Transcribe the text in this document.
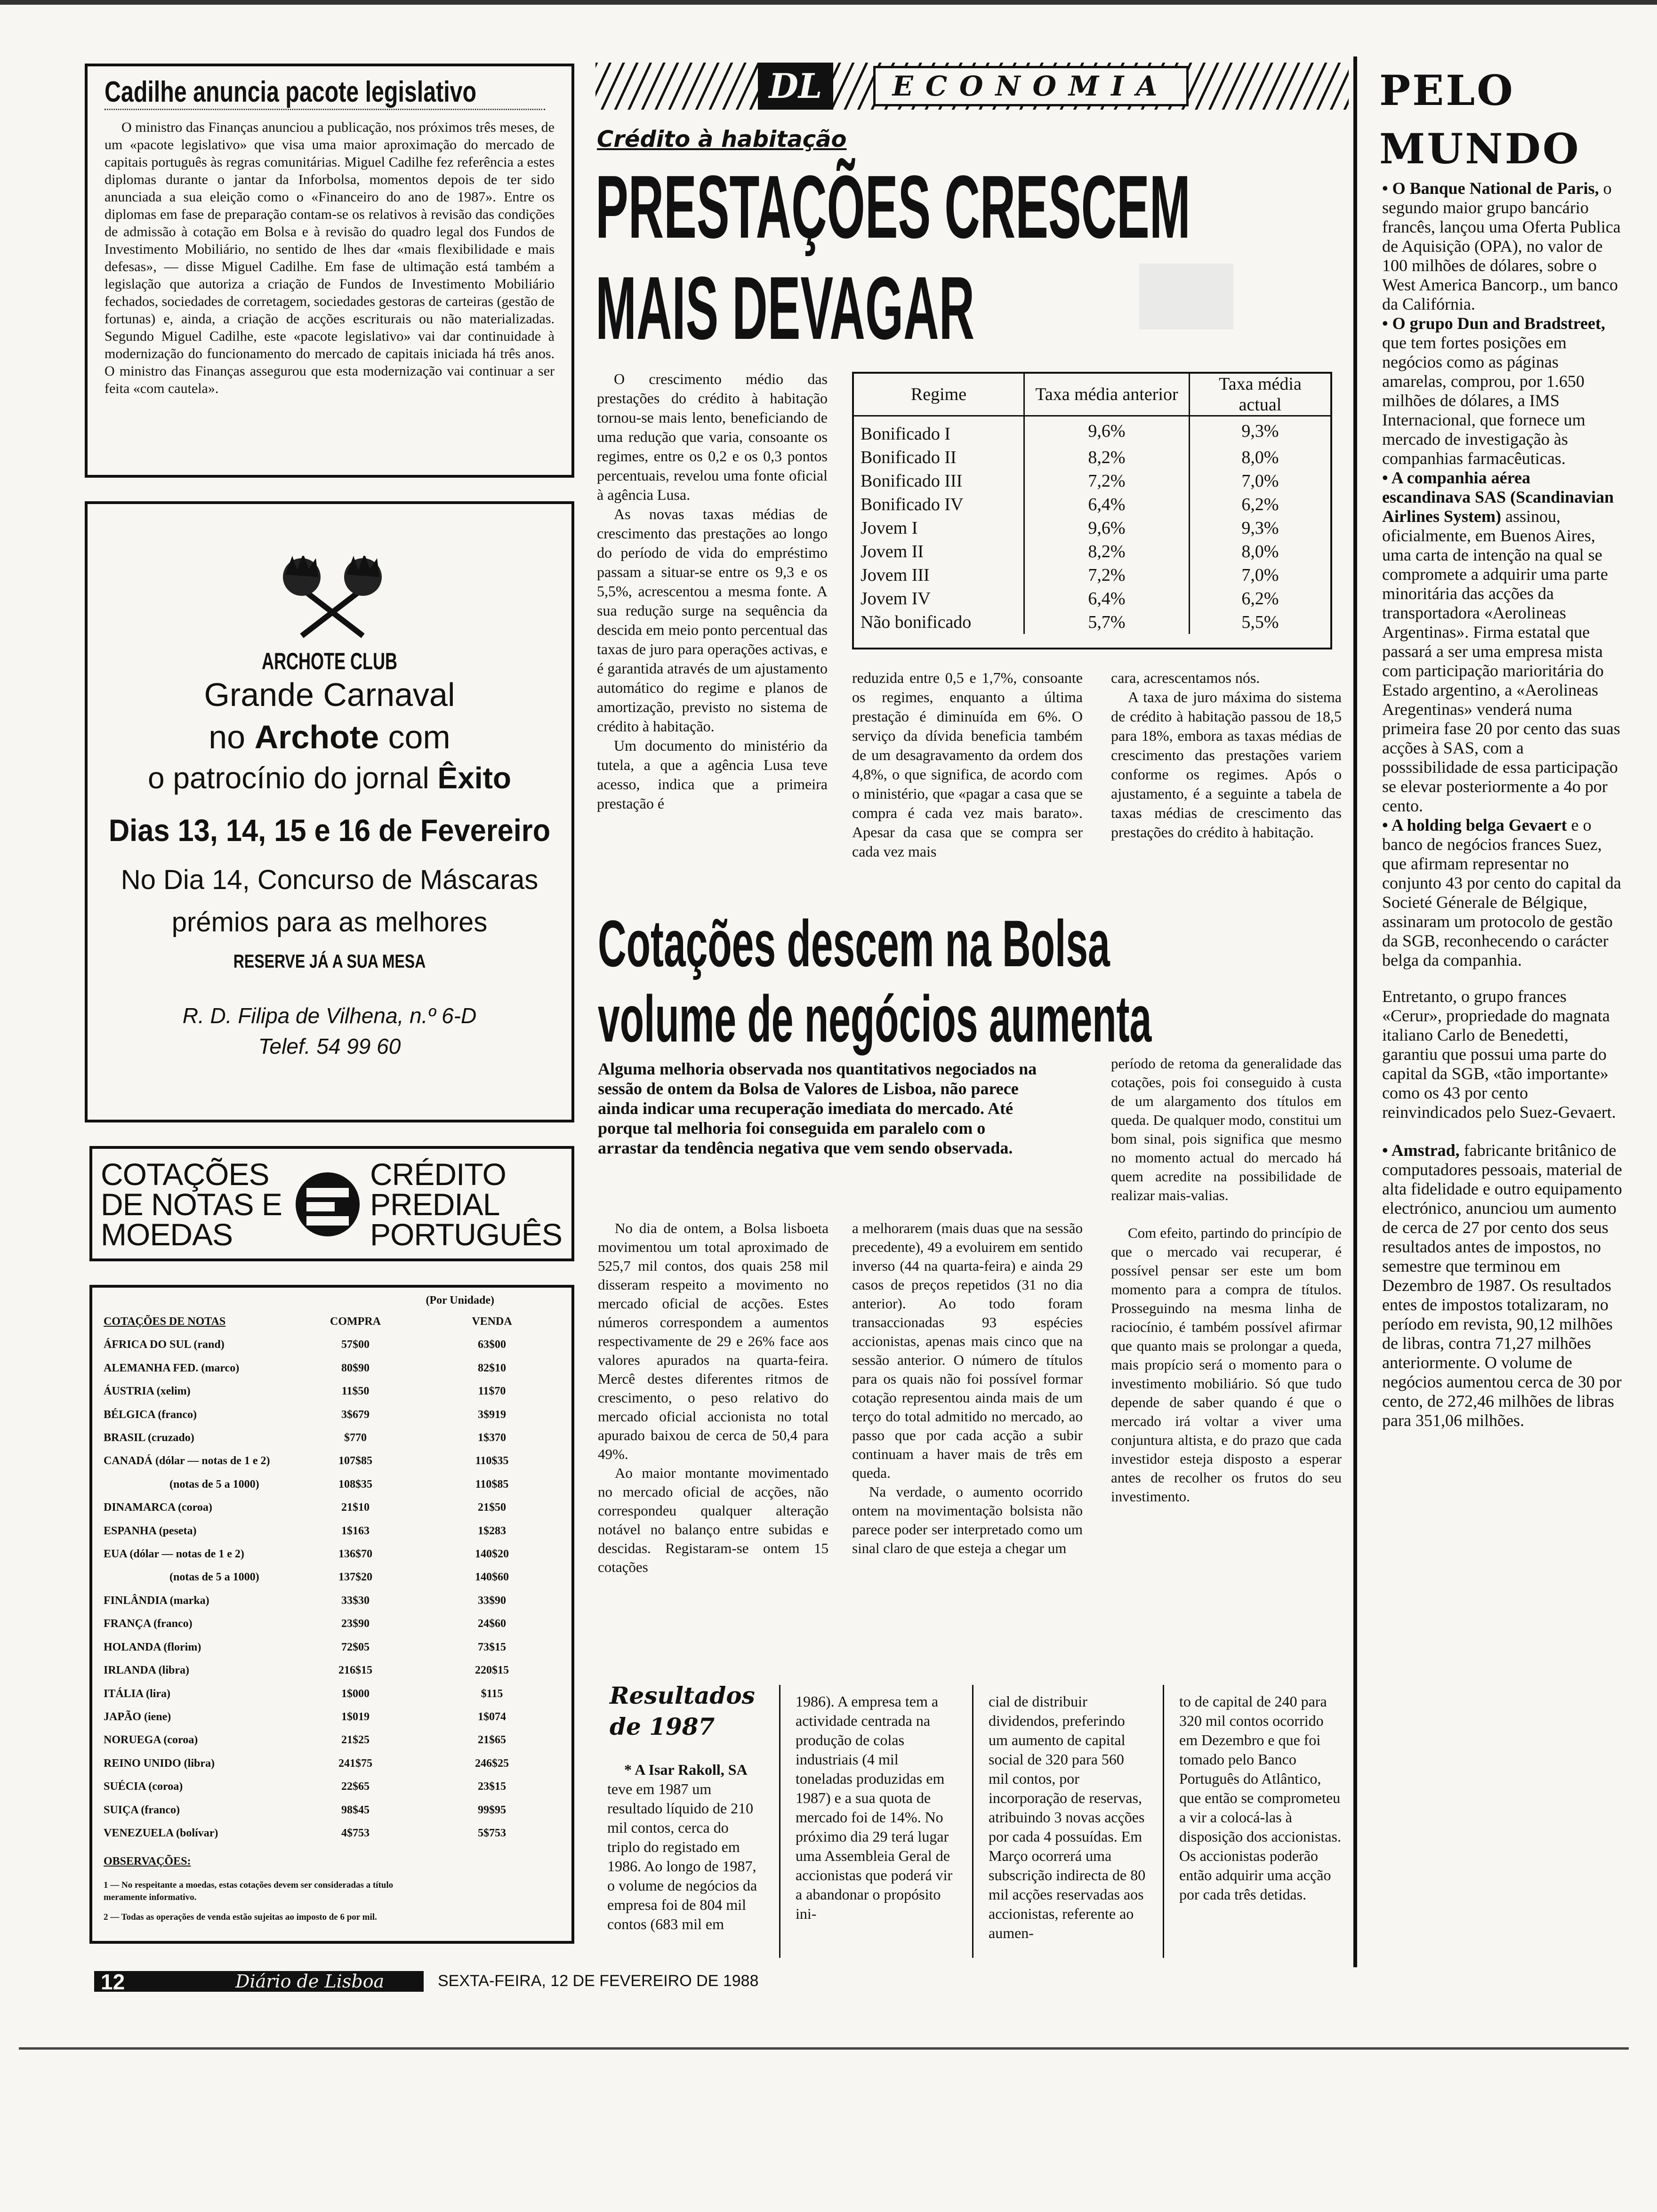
Cadilhe anuncia pacote legislativo

O ministro das Finanças anunciou a publicação, nos próximos três meses, de um «pacote legislativo» que visa uma maior aproximação do mercado de capitais português às regras comunitárias. Miguel Cadilhe fez referência a estes diplomas durante o jantar da Inforbolsa, momentos depois de ter sido anunciada a sua eleição como o «Financeiro do ano de 1987». Entre os diplomas em fase de preparação contam-se os relativos à revisão das condições de admissão à cotação em Bolsa e à revisão do quadro legal dos Fundos de Investimento Mobiliário, no sentido de lhes dar «mais flexibilidade e mais defesas», — disse Miguel Cadilhe. Em fase de ultimação está também a legislação que autoriza a criação de Fundos de Investimento Mobiliário fechados, sociedades de corretagem, sociedades gestoras de carteiras (gestão de fortunas) e, ainda, a criação de acções escriturais ou não materializadas. Segundo Miguel Cadilhe, este «pacote legislativo» vai dar continuidade à modernização do funcionamento do mercado de capitais iniciada há três anos. O ministro das Finanças assegurou que esta modernização vai continuar a ser feita «com cautela».

ARCHOTE CLUB
Grande Carnaval
no Archote com
o patrocínio do jornal Êxito
Dias 13, 14, 15 e 16 de Fevereiro
No Dia 14, Concurso de Máscaras
prémios para as melhores
RESERVE JÁ A SUA MESA
R. D. Filipa de Vilhena, n.º 6-D
Telef. 54 99 60
COTAÇÕES DE NOTAS E MOEDAS
CRÉDITO PREDIAL PORTUGUÊS
(Por Unidade)
COTAÇÕES DE NOTAS	COMPRA	VENDA
ÁFRICA DO SUL (rand)	57$00	63$00
ALEMANHA FED. (marco)	80$90	82$10
ÁUSTRIA (xelim)	11$50	11$70
BÉLGICA (franco)	3$679	3$919
BRASIL (cruzado)	$770	1$370
CANADÁ (dólar — notas de 1 e 2)	107$85	110$35
(notas de 5 a 1000)	108$35	110$85
DINAMARCA (coroa)	21$10	21$50
ESPANHA (peseta)	1$163	1$283
EUA (dólar — notas de 1 e 2)	136$70	140$20
(notas de 5 a 1000)	137$20	140$60
FINLÂNDIA (marka)	33$30	33$90
FRANÇA (franco)	23$90	24$60
HOLANDA (florim)	72$05	73$15
IRLANDA (libra)	216$15	220$15
ITÁLIA (lira)	1$000	$115
JAPÃO (iene)	1$019	1$074
NORUEGA (coroa)	21$25	21$65
REINO UNIDO (libra)	241$75	246$25
SUÉCIA (coroa)	22$65	23$15
SUIÇA (franco)	98$45	99$95
VENEZUELA (bolívar)	4$753	5$753
OBSERVAÇÕES:
1 — No respeitante a moedas, estas cotações devem ser consideradas a título meramente informativo.
2 — Todas as operações de venda estão sujeitas ao imposto de 6 por mil.
12	Diário de Lisboa	SEXTA-FEIRA, 12 DE FEVEREIRO DE 1988
DL	ECONOMIA
Crédito à habitação
PRESTAÇÕES CRESCEM
MAIS DEVAGAR

O crescimento médio das prestações do crédito à habitação tornou-se mais lento, beneficiando de uma redução que varia, consoante os regimes, entre os 0,2 e os 0,3 pontos percentuais, revelou uma fonte oficial à agência Lusa.

As novas taxas médias de crescimento das prestações ao longo do período de vida do empréstimo passam a situar-se entre os 9,3 e os 5,5%, acrescentou a mesma fonte. A sua redução surge na sequência da descida em meio ponto percentual das taxas de juro para operações activas, e é garantida através de um ajustamento automático do regime e planos de amortização, previsto no sistema de crédito à habitação.

Um documento do ministério da tutela, a que a agência Lusa teve acesso, indica que a primeira prestação é

Regime	Taxa média anterior	Taxa média actual
Bonificado I	9,6%	9,3%
Bonificado II	8,2%	8,0%
Bonificado III	7,2%	7,0%
Bonificado IV	6,4%	6,2%
Jovem I	9,6%	9,3%
Jovem II	8,2%	8,0%
Jovem III	7,2%	7,0%
Jovem IV	6,4%	6,2%
Não bonificado	5,7%	5,5%

reduzida entre 0,5 e 1,7%, consoante os regimes, enquanto a última prestação é diminuída em 6%. O serviço da dívida beneficia também de um desagravamento da ordem dos 4,8%, o que significa, de acordo com o ministério, que «pagar a casa que se compra é cada vez mais barato». Apesar da casa que se compra ser cada vez mais

cara, acrescentamos nós.

A taxa de juro máxima do sistema de crédito à habitação passou de 18,5 para 18%, embora as taxas médias de crescimento das prestações variem conforme os regimes. Após o ajustamento, é a seguinte a tabela de taxas médias de crescimento das prestações do crédito à habitação.

Cotações descem na Bolsa
volume de negócios aumenta
Alguma melhoria observada nos quantitativos negociados na sessão de ontem da Bolsa de Valores de Lisboa, não parece ainda indicar uma recuperação imediata do mercado. Até porque tal melhoria foi conseguida em paralelo com o arrastar da tendência negativa que vem sendo observada.

No dia de ontem, a Bolsa lisboeta movimentou um total aproximado de 525,7 mil contos, dos quais 258 mil disseram respeito a movimento no mercado oficial de acções. Estes números correspondem a aumentos respectivamente de 29 e 26% face aos valores apurados na quarta-feira. Mercê destes diferentes ritmos de crescimento, o peso relativo do mercado oficial accionista no total apurado baixou de cerca de 50,4 para 49%.

Ao maior montante movimentado no mercado oficial de acções, não correspondeu qualquer alteração notável no balanço entre subidas e descidas. Registaram-se ontem 15 cotações

a melhorarem (mais duas que na sessão precedente), 49 a evoluirem em sentido inverso (44 na quarta-feira) e ainda 29 casos de preços repetidos (31 no dia anterior). Ao todo foram transaccionadas 93 espécies accionistas, apenas mais cinco que na sessão anterior. O número de títulos para os quais não foi possível formar cotação representou ainda mais de um terço do total admitido no mercado, ao passo que por cada acção a subir continuam a haver mais de três em queda.

Na verdade, o aumento ocorrido ontem na movimentação bolsista não parece poder ser interpretado como um sinal claro de que esteja a chegar um

período de retoma da generalidade das cotações, pois foi conseguido à custa de um alargamento dos títulos em queda. De qualquer modo, constitui um bom sinal, pois significa que mesmo no momento actual do mercado há quem acredite na possibilidade de realizar mais-valias.

Com efeito, partindo do princípio de que o mercado vai recuperar, é possível pensar ser este um bom momento para a compra de títulos. Prosseguindo na mesma linha de raciocínio, é também possível afirmar que quanto mais se prolongar a queda, mais propício será o momento para o investimento mobiliário. Só que tudo depende de saber quando é que o mercado irá voltar a viver uma conjuntura altista, e do prazo que cada investidor esteja disposto a esperar antes de recolher os frutos do seu investimento.

Resultados de 1987

* A Isar Rakoll, SA

teve em 1987 um resultado líquido de 210 mil contos, cerca do triplo do registado em 1986. Ao longo de 1987, o volume de negócios da empresa foi de 804 mil contos (683 mil em

1986). A empresa tem a actividade centrada na produção de colas industriais (4 mil toneladas produzidas em 1987) e a sua quota de mercado foi de 14%. No próximo dia 29 terá lugar uma Assembleia Geral de accionistas que poderá vir a abandonar o propósito ini-

cial de distribuir dividendos, preferindo um aumento de capital social de 320 para 560 mil contos, por incorporação de reservas, atribuindo 3 novas acções por cada 4 possuídas. Em Março ocorrerá uma subscrição indirecta de 80 mil acções reservadas aos accionistas, referente ao aumen-

to de capital de 240 para 320 mil contos ocorrido em Dezembro e que foi tomado pelo Banco Português do Atlântico, que então se comprometeu a vir a colocá-las à disposição dos accionistas. Os accionistas poderão então adquirir uma acção por cada três detidas.

PELO MUNDO

• O Banque National de Paris, o segundo maior grupo bancário francês, lançou uma Oferta Publica de Aquisição (OPA), no valor de 100 milhões de dólares, sobre o West America Bancorp., um banco da Califórnia.

• O grupo Dun and Bradstreet, que tem fortes posições em negócios como as páginas amarelas, comprou, por 1.650 milhões de dólares, a IMS Internacional, que fornece um mercado de investigação às companhias farmacêuticas.

• A companhia aérea escandinava SAS (Scandinavian Airlines System) assinou, oficialmente, em Buenos Aires, uma carta de intenção na qual se compromete a adquirir uma parte minoritária das acções da transportadora «Aerolineas Argentinas». Firma estatal que passará a ser uma empresa mista com participação marioritária do Estado argentino, a «Aerolineas Aregentinas» venderá numa primeira fase 20 por cento das suas acções à SAS, com a posssibilidade de essa participação se elevar posteriormente a 4o por cento.

• A holding belga Gevaert e o banco de negócios frances Suez, que afirmam representar no conjunto 43 por cento do capital da Societé Génerale de Bélgique, assinaram um protocolo de gestão da SGB, reconhecendo o carácter belga da companhia.

Entretanto, o grupo frances «Cerur», propriedade do magnata italiano Carlo de Benedetti, garantiu que possui uma parte do capital da SGB, «tão importante» como os 43 por cento reinvindicados pelo Suez-Gevaert.

• Amstrad, fabricante britânico de computadores pessoais, material de alta fidelidade e outro equipamento electrónico, anunciou um aumento de cerca de 27 por cento dos seus resultados antes de impostos, no semestre que terminou em Dezembro de 1987. Os resultados entes de impostos totalizaram, no período em revista, 90,12 milhões de libras, contra 71,27 milhões anteriormente. O volume de negócios aumentou cerca de 30 por cento, de 272,46 milhões de libras para 351,06 milhões.
